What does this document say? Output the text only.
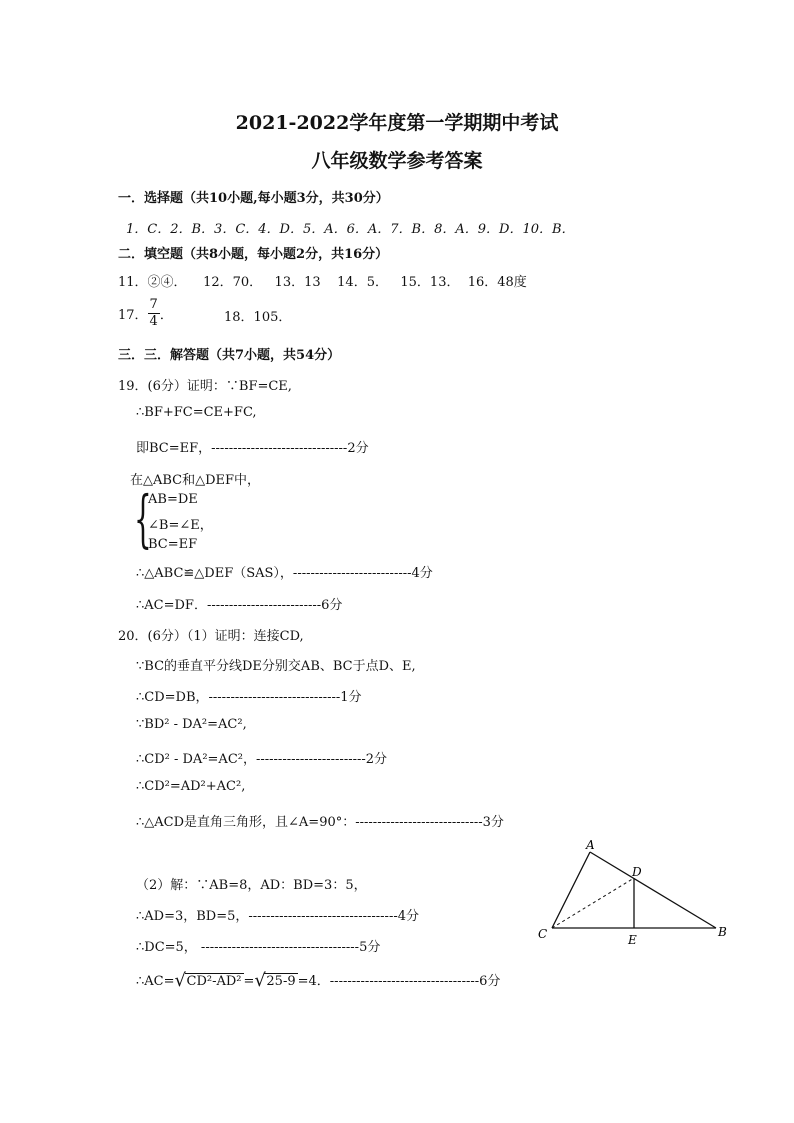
2021-2022学年度第一学期期中考试
八年级数学参考答案
一．选择题（共10小题,每小题3分，共30分）
1．C．2．B．3．C．4．D．5．A．6．A．7．B．8．A．9．D．10．B．
二．填空题（共8小题，每小题2分，共16分）
11．②④．    12．70．   13．13    14．5．   15．13．  16．48度
17． $\frac{7}{4}$ ．	18．105．
三．三．解答题（共7小题，共54分）
19．(6分）证明：∵BF=CE,
∴BF+FC=CE+FC,
即BC=EF，-------------------------------2分
在△ABC和△DEF中，
{
AB=DE
∠B=∠E，
BC=EF
∴△ABC≌△DEF（SAS），---------------------------4分
∴AC=DF．--------------------------6分
20．(6分）（1）证明：连接CD,
∵BC的垂直平分线DE分别交AB、BC于点D、E,
∴CD=DB，------------------------------1分
∵BD² - DA²=AC²,
∴CD² - DA²=AC²，-------------------------2分
∴CD²=AD²+AC²,
∴△ACD是直角三角形，且∠A=90°：-----------------------------3分
（2）解：∵AB=8，AD：BD=3：5，
∴AD=3，BD=5，----------------------------------4分
∴DC=5， ------------------------------------5分
∴AC= √ CD²-AD² = √ 25-9 =4．----------------------------------6分
A
D
C	E
B
